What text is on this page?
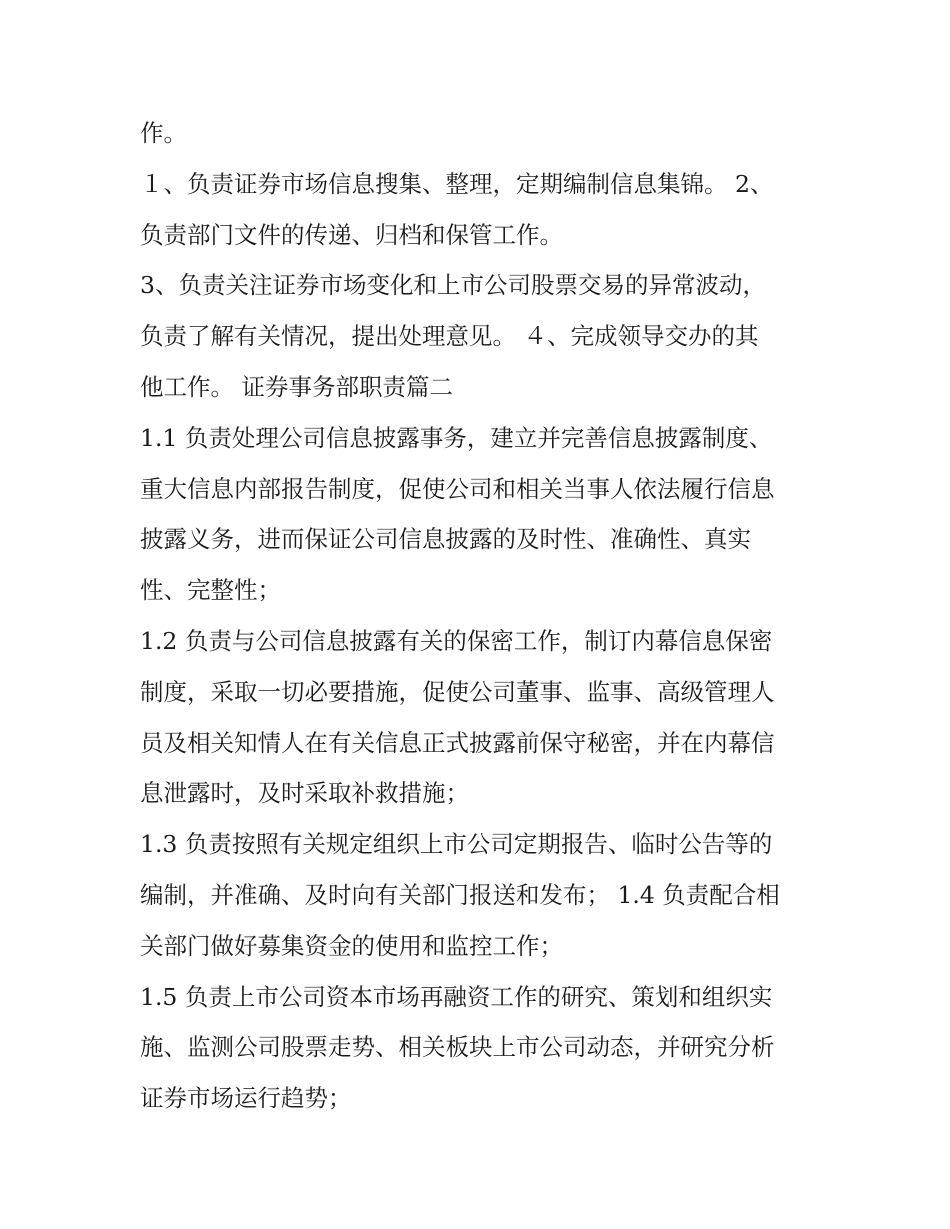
作。
１、负责证券市场信息搜集、整理，定期编制信息集锦。 2、
负责部门文件的传递、归档和保管工作。
3、负责关注证券市场变化和上市公司股票交易的异常波动，
负责了解有关情况，提出处理意见。 ４、完成领导交办的其
他工作。 证券事务部职责篇二
1.1 负责处理公司信息披露事务，建立并完善信息披露制度、
重大信息内部报告制度，促使公司和相关当事人依法履行信息
披露义务，进而保证公司信息披露的及时性、准确性、真实
性、完整性；
1.2 负责与公司信息披露有关的保密工作，制订内幕信息保密
制度，采取一切必要措施，促使公司董事、监事、高级管理人
员及相关知情人在有关信息正式披露前保守秘密，并在内幕信
息泄露时，及时采取补救措施；
1.3 负责按照有关规定组织上市公司定期报告、临时公告等的
编制，并准确、及时向有关部门报送和发布； 1.4 负责配合相
关部门做好募集资金的使用和监控工作；
1.5 负责上市公司资本市场再融资工作的研究、策划和组织实
施、监测公司股票走势、相关板块上市公司动态，并研究分析
证券市场运行趋势；
